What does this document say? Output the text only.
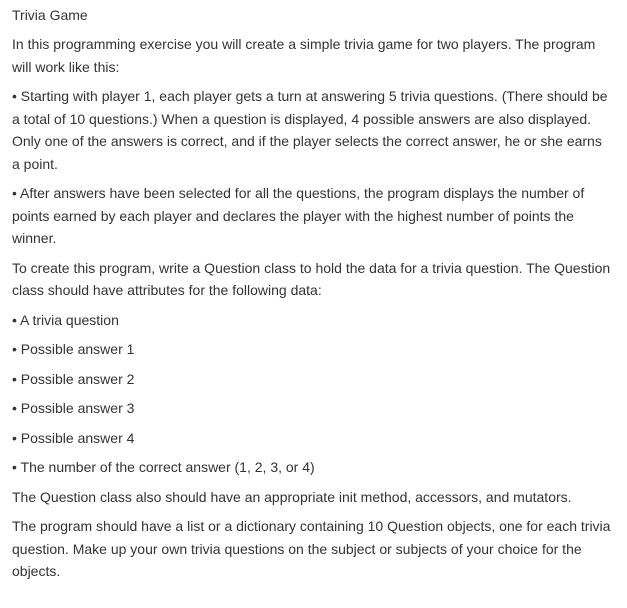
Trivia Game

In this programming exercise you will create a simple trivia game for two players. The program will work like this:

• Starting with player 1, each player gets a turn at answering 5 trivia questions. (There should be a total of 10 questions.) When a question is displayed, 4 possible answers are also displayed. Only one of the answers is correct, and if the player selects the correct answer, he or she earns a point.

• After answers have been selected for all the questions, the program displays the number of points earned by each player and declares the player with the highest number of points the winner.

To create this program, write a Question class to hold the data for a trivia question. The Question class should have attributes for the following data:

• A trivia question

• Possible answer 1

• Possible answer 2

• Possible answer 3

• Possible answer 4

• The number of the correct answer (1, 2, 3, or 4)

The Question class also should have an appropriate init method, accessors, and mutators.

The program should have a list or a dictionary containing 10 Question objects, one for each trivia question. Make up your own trivia questions on the subject or subjects of your choice for the objects.
